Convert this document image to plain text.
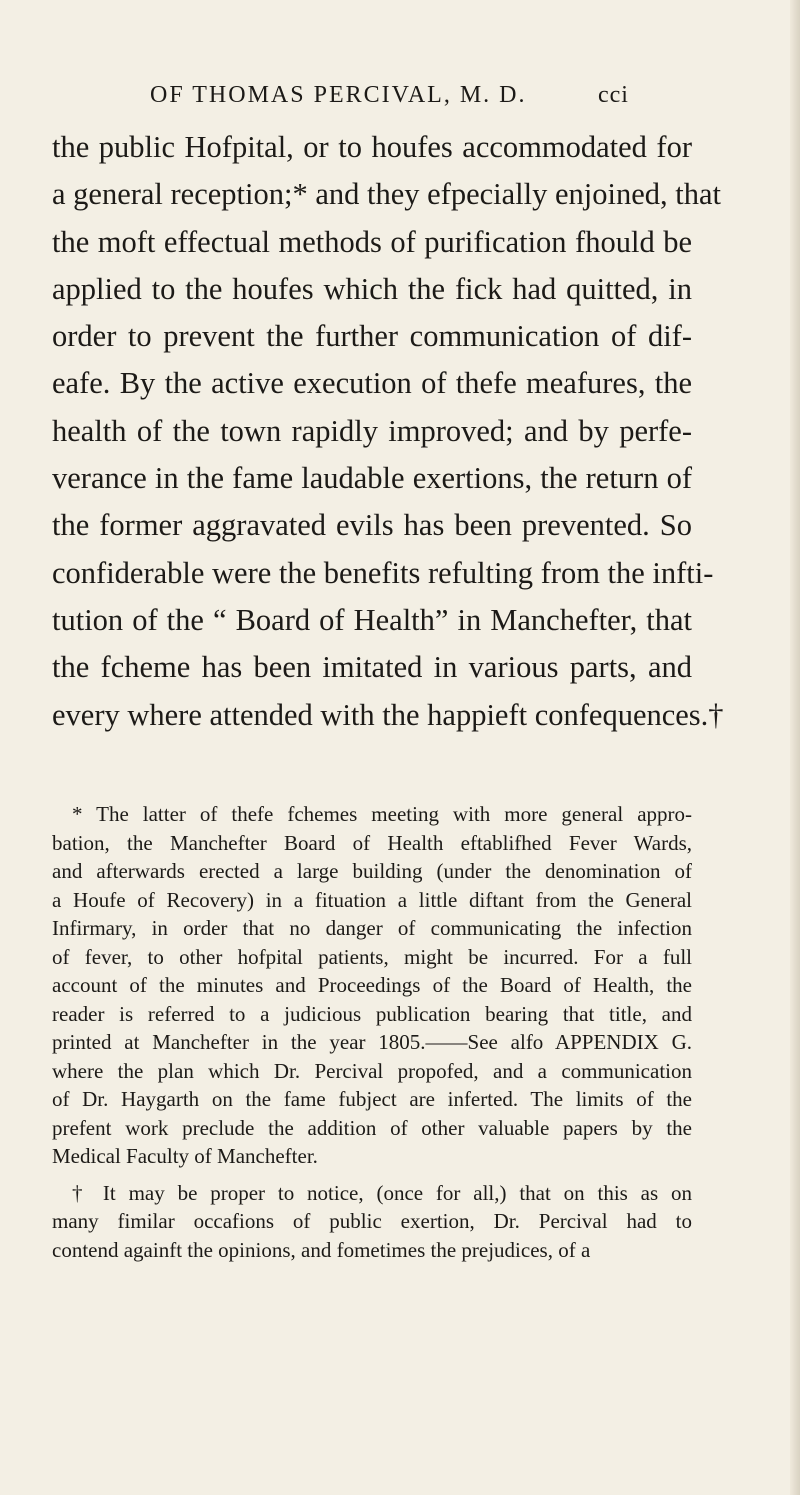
OF THOMAS PERCIVAL, M. D.	cci
the public Hofpital, or to houfes accommodated for
a general reception;* and they efpecially enjoined, that
the moft effectual methods of purification fhould be
applied to the houfes which the fick had quitted, in
order to prevent the further communication of dif-
eafe. By the active execution of thefe meafures, the
health of the town rapidly improved; and by perfe-
verance in the fame laudable exertions, the return of
the former aggravated evils has been prevented. So
confiderable were the benefits refulting from the infti-
tution of the “ Board of Health” in Manchefter, that
the fcheme has been imitated in various parts, and
every where attended with the happieft confequences.†
* The latter of thefe fchemes meeting with more general appro-
bation, the Manchefter Board of Health eftablifhed Fever Wards,
and afterwards erected a large building (under the denomination of
a Houfe of Recovery) in a fituation a little diftant from the General
Infirmary, in order that no danger of communicating the infection
of fever, to other hofpital patients, might be incurred. For a full
account of the minutes and Proceedings of the Board of Health, the
reader is referred to a judicious publication bearing that title, and
printed at Manchefter in the year 1805.——See alfo APPENDIX G.
where the plan which Dr. Percival propofed, and a communication
of Dr. Haygarth on the fame fubject are inferted. The limits of the
prefent work preclude the addition of other valuable papers by the
Medical Faculty of Manchefter.
† It may be proper to notice, (once for all,) that on this as on
many fimilar occafions of public exertion, Dr. Percival had to
contend againft the opinions, and fometimes the prejudices, of a
